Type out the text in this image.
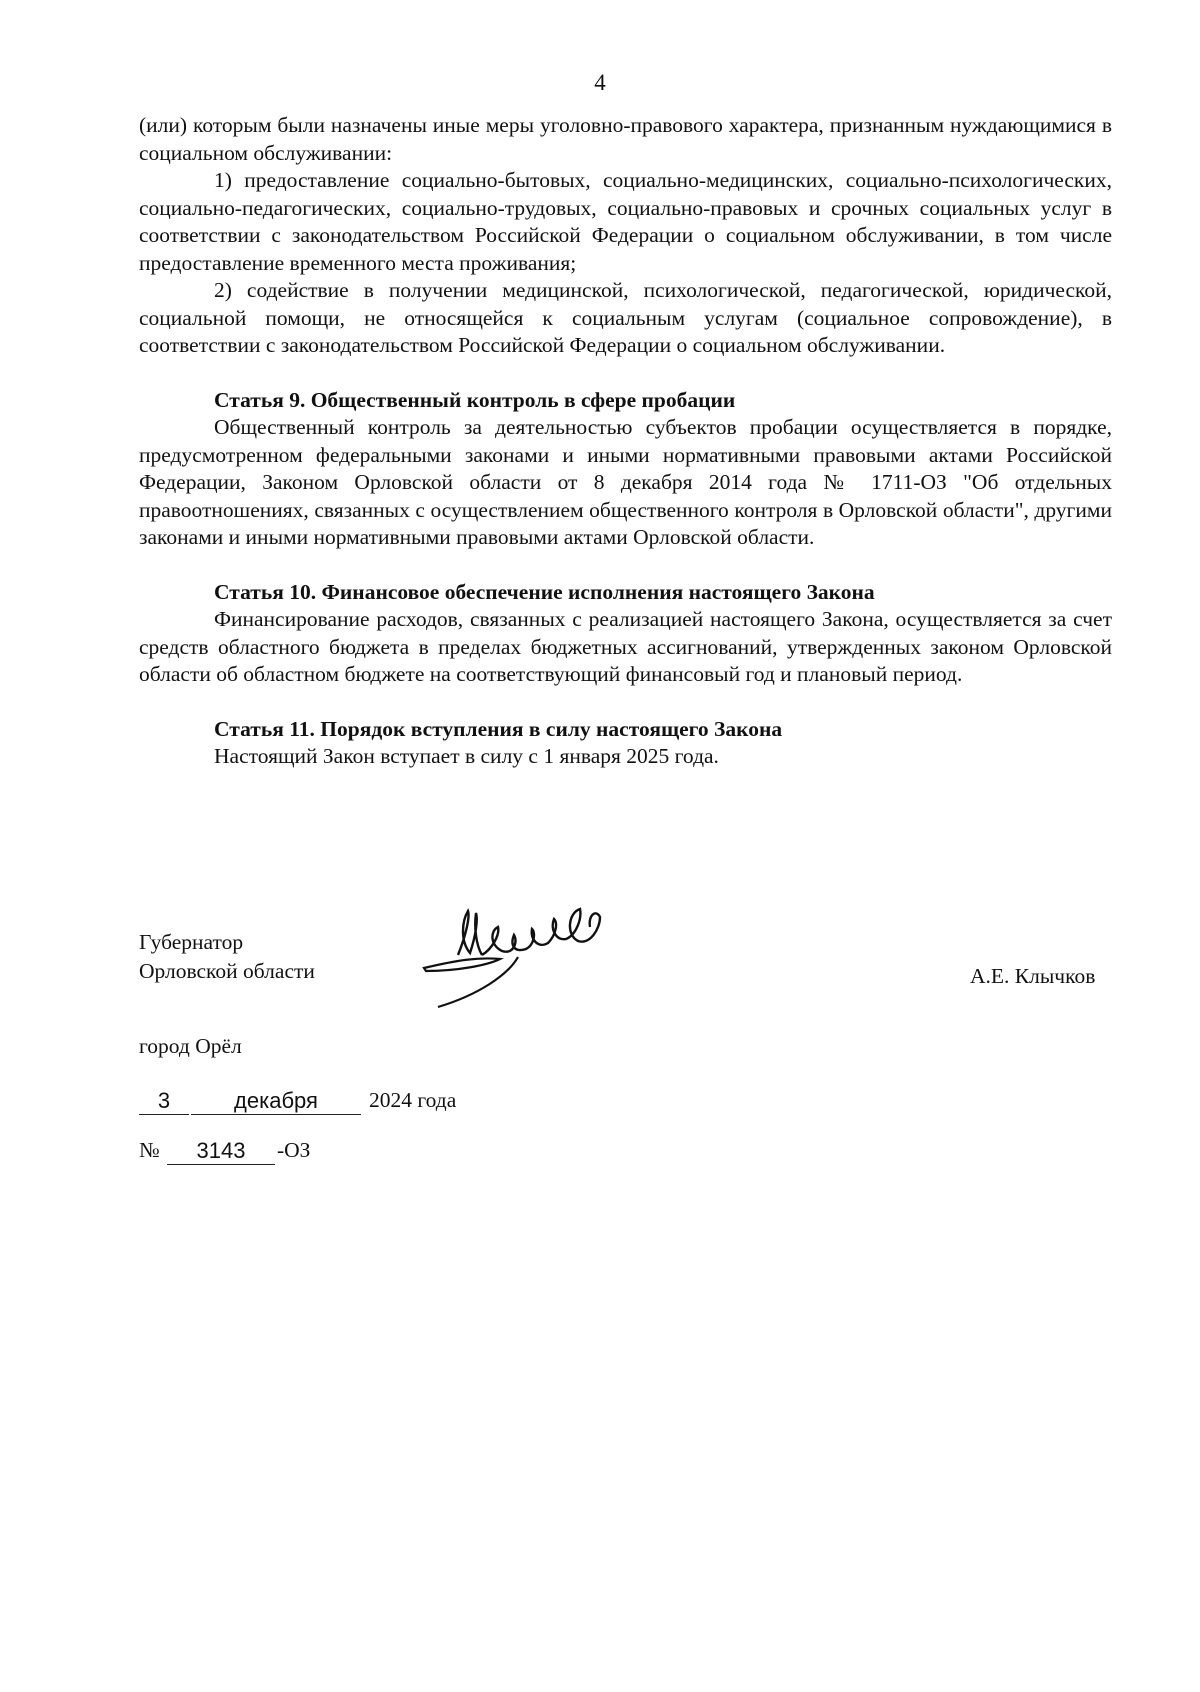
4

(или) которым были назначены иные меры уголовно-правового характера, признанным нуждающимися в социальном обслуживании:

1) предоставление социально-бытовых, социально-медицинских, социально-психологических, социально-педагогических, социально-трудовых, социально-правовых и срочных социальных услуг в соответствии с законодательством Российской Федерации о социальном обслуживании, в том числе предоставление временного места проживания;

2) содействие в получении медицинской, психологической, педагогической, юридической, социальной помощи, не относящейся к социальным услугам (социальное сопровождение), в соответствии с законодательством Российской Федерации о социальном обслуживании.

Статья 9. Общественный контроль в сфере пробации

Общественный контроль за деятельностью субъектов пробации осуществляется в порядке, предусмотренном федеральными законами и иными нормативными правовыми актами Российской Федерации, Законом Орловской области от 8 декабря 2014 года № 1711-ОЗ "Об отдельных правоотношениях, связанных с осуществлением общественного контроля в Орловской области", другими законами и иными нормативными правовыми актами Орловской области.

Статья 10. Финансовое обеспечение исполнения настоящего Закона

Финансирование расходов, связанных с реализацией настоящего Закона, осуществляется за счет средств областного бюджета в пределах бюджетных ассигнований, утвержденных законом Орловской области об областном бюджете на соответствующий финансовый год и плановый период.

Статья 11. Порядок вступления в силу настоящего Закона

Настоящий Закон вступает в силу с 1 января 2025 года.

Губернатор
Орловской области	А.Е. Клычков
город Орёл
3	декабря	2024 года
№	3143	-ОЗ
